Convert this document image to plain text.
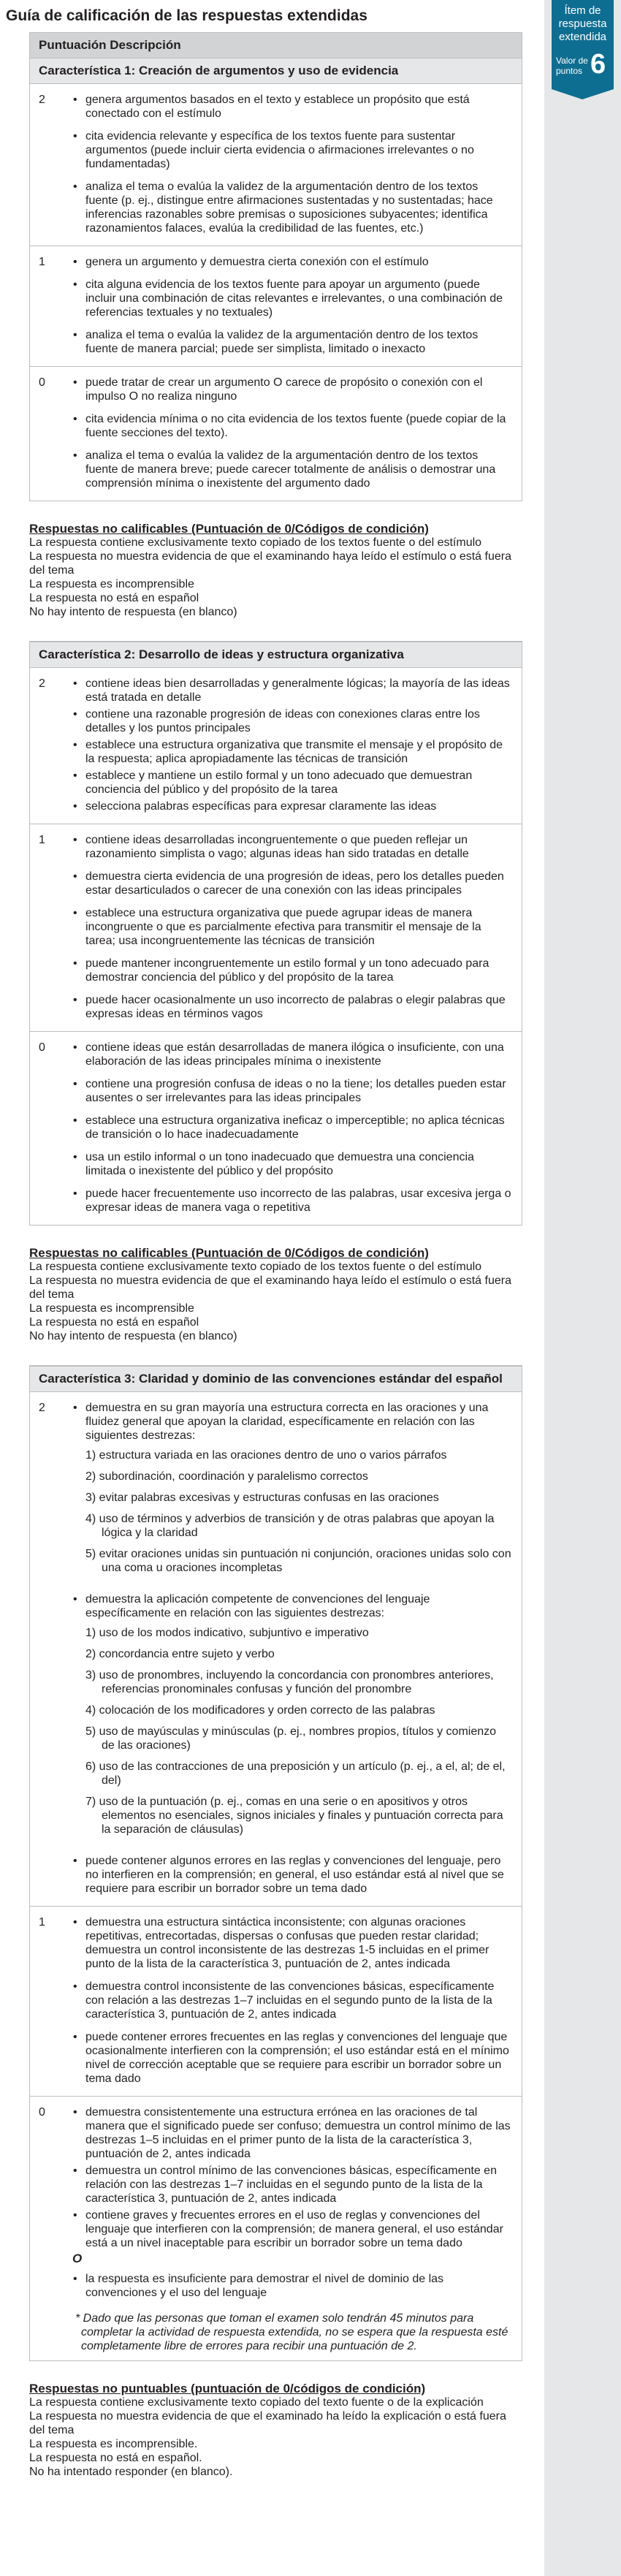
Guía de calificación de las respuestas extendidas	Ítem de respuesta extendida
Valor de puntos 6
Puntuación Descripción
Característica 1: Creación de argumentos y uso de evidencia
2	• genera argumentos basados en el texto y establece un propósito que está conectado con el estímulo
• cita evidencia relevante y específica de los textos fuente para sustentar argumentos (puede incluir cierta evidencia o afirmaciones irrelevantes o no fundamentadas)
• analiza el tema o evalúa la validez de la argumentación dentro de los textos fuente (p. ej., distingue entre afirmaciones sustentadas y no sustentadas; hace inferencias razonables sobre premisas o suposiciones subyacentes; identifica razonamientos falaces, evalúa la credibilidad de las fuentes, etc.)
1	• genera un argumento y demuestra cierta conexión con el estímulo
• cita alguna evidencia de los textos fuente para apoyar un argumento (puede incluir una combinación de citas relevantes e irrelevantes, o una combinación de referencias textuales y no textuales)
• analiza el tema o evalúa la validez de la argumentación dentro de los textos fuente de manera parcial; puede ser simplista, limitado o inexacto
0	• puede tratar de crear un argumento O carece de propósito o conexión con el impulso O no realiza ninguno
• cita evidencia mínima o no cita evidencia de los textos fuente (puede copiar de la fuente secciones del texto).
• analiza el tema o evalúa la validez de la argumentación dentro de los textos fuente de manera breve; puede carecer totalmente de análisis o demostrar una comprensión mínima o inexistente del argumento dado
Respuestas no calificables (Puntuación de 0/Códigos de condición)
La respuesta contiene exclusivamente texto copiado de los textos fuente o del estímulo
La respuesta no muestra evidencia de que el examinando haya leído el estímulo o está fuera del tema
La respuesta es incomprensible
La respuesta no está en español
No hay intento de respuesta (en blanco)
Característica 2: Desarrollo de ideas y estructura organizativa
2	• contiene ideas bien desarrolladas y generalmente lógicas; la mayoría de las ideas está tratada en detalle
• contiene una razonable progresión de ideas con conexiones claras entre los detalles y los puntos principales
• establece una estructura organizativa que transmite el mensaje y el propósito de la respuesta; aplica apropiadamente las técnicas de transición
• establece y mantiene un estilo formal y un tono adecuado que demuestran conciencia del público y del propósito de la tarea
• selecciona palabras específicas para expresar claramente las ideas
1	• contiene ideas desarrolladas incongruentemente o que pueden reflejar un razonamiento simplista o vago; algunas ideas han sido tratadas en detalle
• demuestra cierta evidencia de una progresión de ideas, pero los detalles pueden estar desarticulados o carecer de una conexión con las ideas principales
• establece una estructura organizativa que puede agrupar ideas de manera incongruente o que es parcialmente efectiva para transmitir el mensaje de la tarea; usa incongruentemente las técnicas de transición
• puede mantener incongruentemente un estilo formal y un tono adecuado para demostrar conciencia del público y del propósito de la tarea
• puede hacer ocasionalmente un uso incorrecto de palabras o elegir palabras que expresas ideas en términos vagos
0	• contiene ideas que están desarrolladas de manera ilógica o insuficiente, con una elaboración de las ideas principales mínima o inexistente
• contiene una progresión confusa de ideas o no la tiene; los detalles pueden estar ausentes o ser irrelevantes para las ideas principales
• establece una estructura organizativa ineficaz o imperceptible; no aplica técnicas de transición o lo hace inadecuadamente
• usa un estilo informal o un tono inadecuado que demuestra una conciencia limitada o inexistente del público y del propósito
• puede hacer frecuentemente uso incorrecto de las palabras, usar excesiva jerga o expresar ideas de manera vaga o repetitiva
Respuestas no calificables (Puntuación de 0/Códigos de condición)
La respuesta contiene exclusivamente texto copiado de los textos fuente o del estímulo
La respuesta no muestra evidencia de que el examinando haya leído el estímulo o está fuera del tema
La respuesta es incomprensible
La respuesta no está en español
No hay intento de respuesta (en blanco)
Característica 3: Claridad y dominio de las convenciones estándar del español
2	• demuestra en su gran mayoría una estructura correcta en las oraciones y una fluidez general que apoyan la claridad, específicamente en relación con las siguientes destrezas:
1) estructura variada en las oraciones dentro de uno o varios párrafos
2) subordinación, coordinación y paralelismo correctos
3) evitar palabras excesivas y estructuras confusas en las oraciones
4) uso de términos y adverbios de transición y de otras palabras que apoyan la lógica y la claridad
5) evitar oraciones unidas sin puntuación ni conjunción, oraciones unidas solo con una coma u oraciones incompletas
• demuestra la aplicación competente de convenciones del lenguaje específicamente en relación con las siguientes destrezas:
1) uso de los modos indicativo, subjuntivo e imperativo
2) concordancia entre sujeto y verbo
3) uso de pronombres, incluyendo la concordancia con pronombres anteriores, referencias pronominales confusas y función del pronombre
4) colocación de los modificadores y orden correcto de las palabras
5) uso de mayúsculas y minúsculas (p. ej., nombres propios, títulos y comienzo de las oraciones)
6) uso de las contracciones de una preposición y un artículo (p. ej., a el, al; de el, del)
7) uso de la puntuación (p. ej., comas en una serie o en apositivos y otros elementos no esenciales, signos iniciales y finales y puntuación correcta para la separación de cláusulas)
• puede contener algunos errores en las reglas y convenciones del lenguaje, pero no interfieren en la comprensión; en general, el uso estándar está al nivel que se requiere para escribir un borrador sobre un tema dado
1	• demuestra una estructura sintáctica inconsistente; con algunas oraciones repetitivas, entrecortadas, dispersas o confusas que pueden restar claridad; demuestra un control inconsistente de las destrezas 1-5 incluidas en el primer punto de la lista de la característica 3, puntuación de 2, antes indicada
• demuestra control inconsistente de las convenciones básicas, específicamente con relación a las destrezas 1–7 incluidas en el segundo punto de la lista de la característica 3, puntuación de 2, antes indicada
• puede contener errores frecuentes en las reglas y convenciones del lenguaje que ocasionalmente interfieren con la comprensión; el uso estándar está en el mínimo nivel de corrección aceptable que se requiere para escribir un borrador sobre un tema dado
0	• demuestra consistentemente una estructura errónea en las oraciones de tal manera que el significado puede ser confuso; demuestra un control mínimo de las destrezas 1–5 incluidas en el primer punto de la lista de la característica 3, puntuación de 2, antes indicada
• demuestra un control mínimo de las convenciones básicas, específicamente en relación con las destrezas 1–7 incluidas en el segundo punto de la lista de la característica 3, puntuación de 2, antes indicada
• contiene graves y frecuentes errores en el uso de reglas y convenciones del lenguaje que interfieren con la comprensión; de manera general, el uso estándar está a un nivel inaceptable para escribir un borrador sobre un tema dado
O
• la respuesta es insuficiente para demostrar el nivel de dominio de las convenciones y el uso del lenguaje
* Dado que las personas que toman el examen solo tendrán 45 minutos para completar la actividad de respuesta extendida, no se espera que la respuesta esté completamente libre de errores para recibir una puntuación de 2.
Respuestas no puntuables (puntuación de 0/códigos de condición)
La respuesta contiene exclusivamente texto copiado del texto fuente o de la explicación
La respuesta no muestra evidencia de que el examinado ha leído la explicación o está fuera del tema
La respuesta es incomprensible.
La respuesta no está en español.
No ha intentado responder (en blanco).
